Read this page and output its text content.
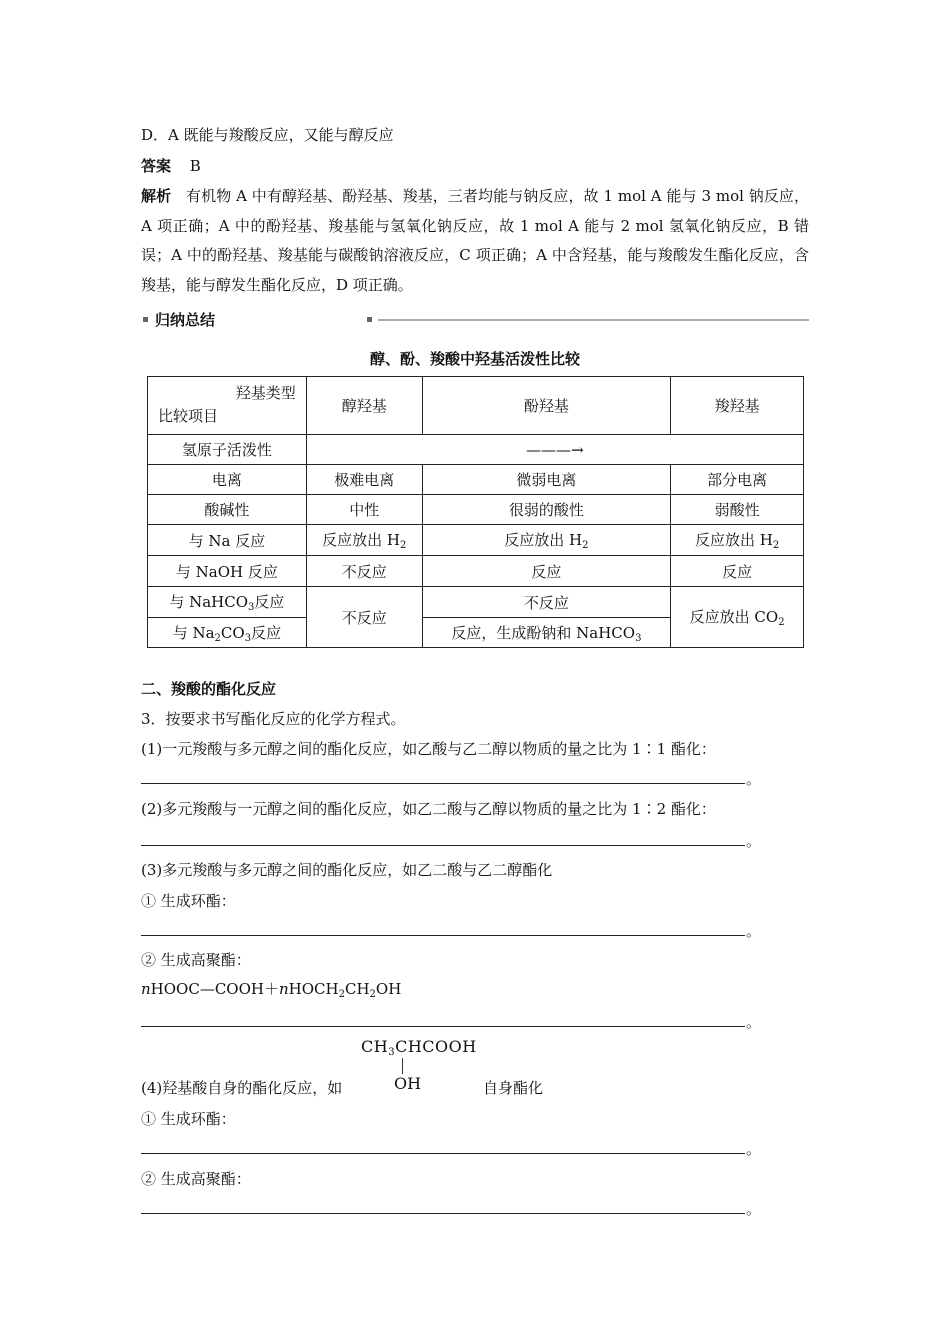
D．A 既能与羧酸反应，又能与醇反应
答案 B
解析 有机物 A 中有醇羟基、酚羟基、羧基，三者均能与钠反应，故 1 mol A 能与 3 mol 钠反应，A 项正确；A 中的酚羟基、羧基能与氢氧化钠反应，故 1 mol A 能与 2 mol 氢氧化钠反应，B 错误；A 中的酚羟基、羧基能与碳酸钠溶液反应，C 项正确；A 中含羟基，能与羧酸发生酯化反应，含羧基，能与醇发生酯化反应，D 项正确。
归纳总结
醇、酚、羧酸中羟基活泼性比较
羟基类型
比较项目	醇羟基	酚羟基	羧羟基
氢原子活泼性	———→		
电离	极难电离	微弱电离	部分电离
酸碱性	中性	很弱的酸性	弱酸性
与 Na 反应	反应放出 $H_2$	反应放出 $H_2$	反应放出 $H_2$
与 NaOH 反应	不反应	反应	反应
与 NaHCO$_3$反应	不反应	不反应	反应放出 $CO_2$
与 $Na_2CO_3$反应		反应，生成酚钠和 NaHCO$_3$
二、羧酸的酯化反应
3．按要求书写酯化反应的化学方程式。
(1)一元羧酸与多元醇之间的酯化反应，如乙酸与乙二醇以物质的量之比为 1∶1 酯化：
。
(2)多元羧酸与一元醇之间的酯化反应，如乙二酸与乙醇以物质的量之比为 1∶2 酯化：
。
(3)多元羧酸与多元醇之间的酯化反应，如乙二酸与乙二醇酯化
① 生成环酯：
。
② 生成高聚酯：
$nHOOC—COOH+nHOCH_2CH_2OH$
。
(4)羟基酸自身的酯化反应，如
$CH_3CHCOOH$
OH	自身酯化
① 生成环酯：
。
② 生成高聚酯：
。
